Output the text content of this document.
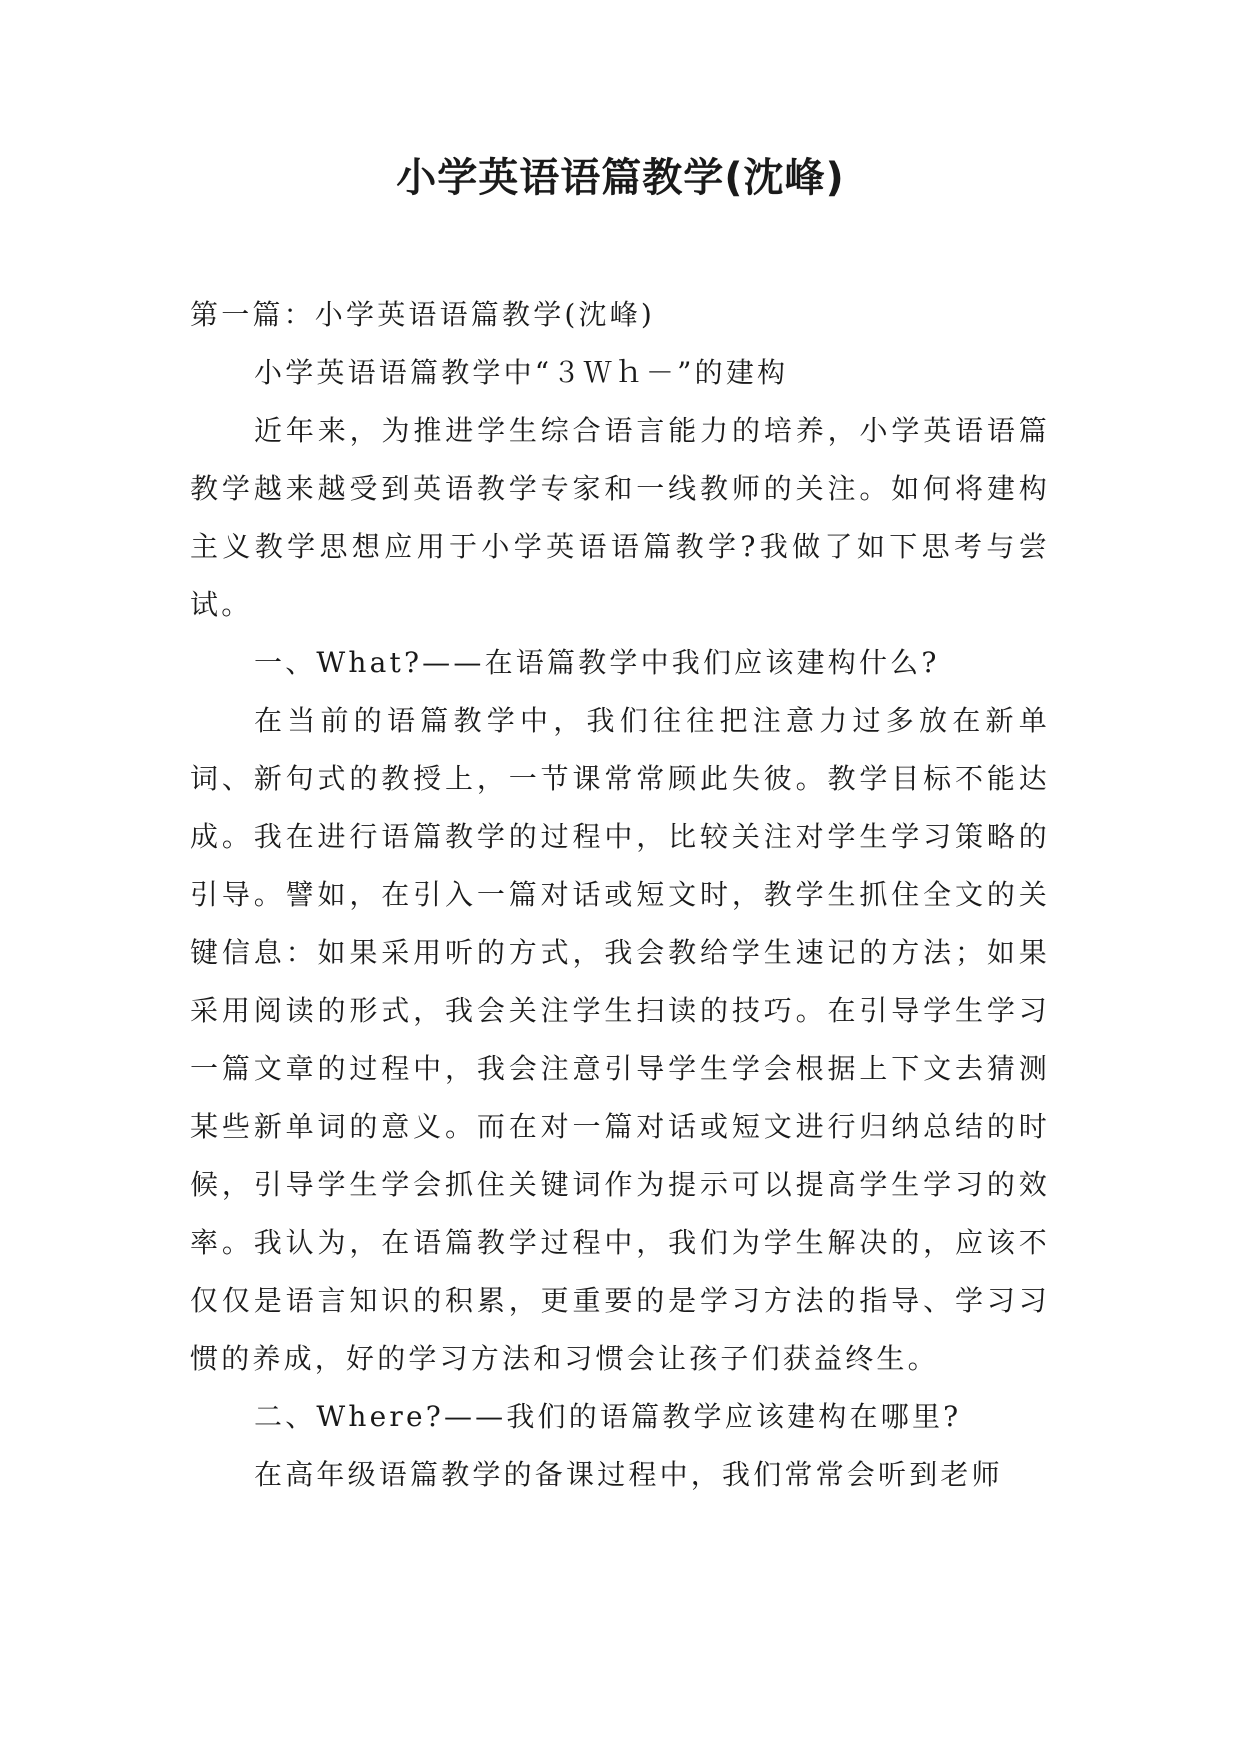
小学英语语篇教学(沈峰)

第一篇：小学英语语篇教学(沈峰)

小学英语语篇教学中“３Ｗｈ－”的建构

近年来，为推进学生综合语言能力的培养，小学英语语篇教学越来越受到英语教学专家和一线教师的关注。如何将建构主义教学思想应用于小学英语语篇教学?我做了如下思考与尝试。

一、What?——在语篇教学中我们应该建构什么?

在当前的语篇教学中，我们往往把注意力过多放在新单词、新句式的教授上，一节课常常顾此失彼。教学目标不能达成。我在进行语篇教学的过程中，比较关注对学生学习策略的引导。譬如，在引入一篇对话或短文时，教学生抓住全文的关键信息：如果采用听的方式，我会教给学生速记的方法；如果采用阅读的形式，我会关注学生扫读的技巧。在引导学生学习一篇文章的过程中，我会注意引导学生学会根据上下文去猜测某些新单词的意义。而在对一篇对话或短文进行归纳总结的时候，引导学生学会抓住关键词作为提示可以提高学生学习的效率。我认为，在语篇教学过程中，我们为学生解决的，应该不仅仅是语言知识的积累，更重要的是学习方法的指导、学习习惯的养成，好的学习方法和习惯会让孩子们获益终生。

二、Where?——我们的语篇教学应该建构在哪里?

在高年级语篇教学的备课过程中，我们常常会听到老师
